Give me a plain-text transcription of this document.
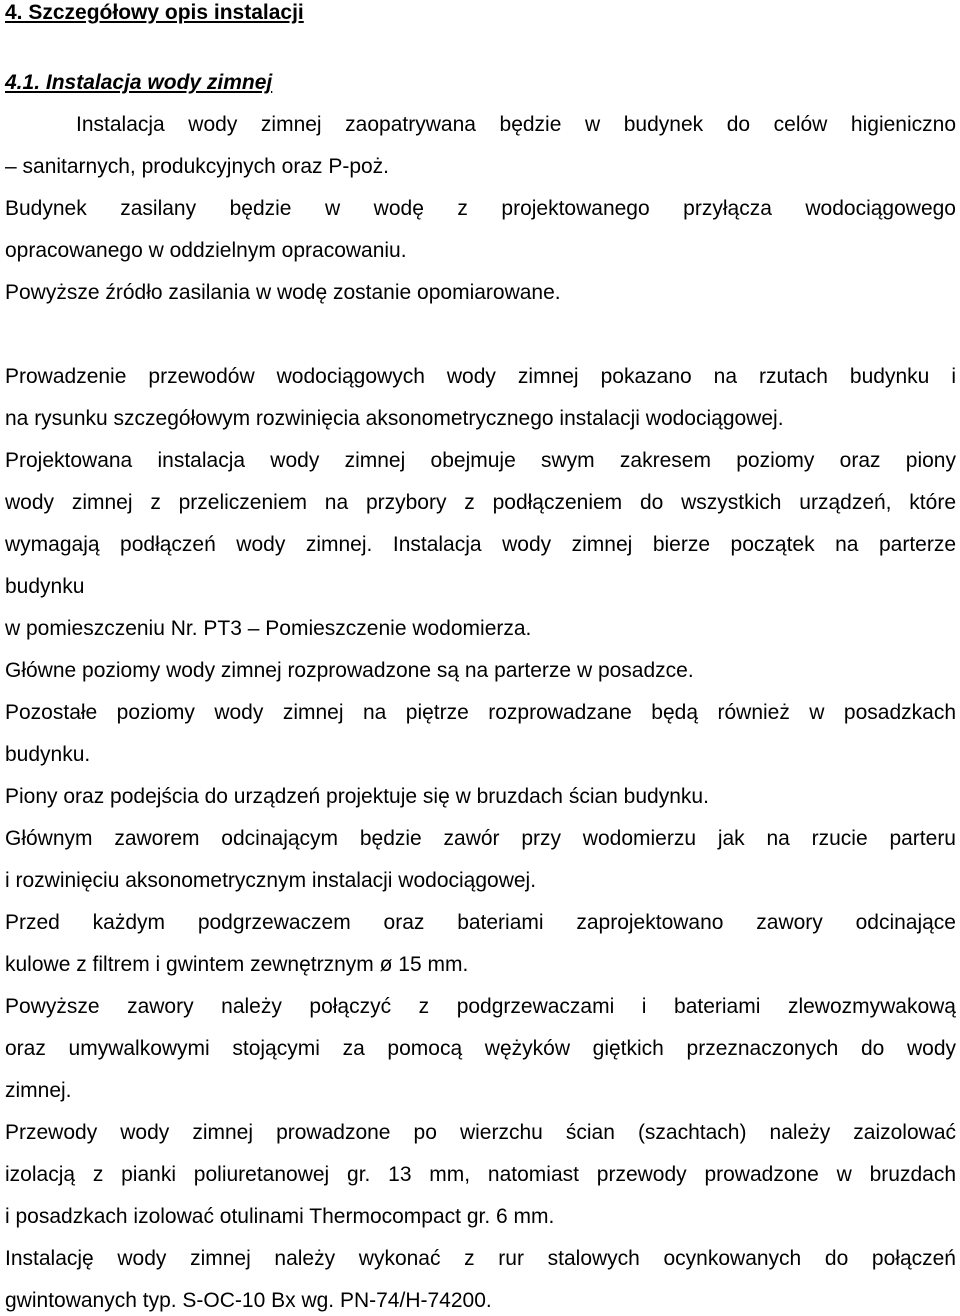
4. Szczegółowy opis instalacji
4.1. Instalacja wody zimnej
Instalacja wody zimnej zaopatrywana będzie w budynek do celów higieniczno
– sanitarnych, produkcyjnych oraz P-poż.
Budynek zasilany będzie w wodę z projektowanego przyłącza wodociągowego
opracowanego w oddzielnym opracowaniu.
Powyższe źródło zasilania w wodę zostanie opomiarowane.
Prowadzenie przewodów wodociągowych wody zimnej pokazano na rzutach budynku i
na rysunku szczegółowym rozwinięcia aksonometrycznego instalacji wodociągowej.
Projektowana instalacja wody zimnej obejmuje swym zakresem poziomy oraz piony
wody zimnej z przeliczeniem na przybory z podłączeniem do wszystkich urządzeń, które
wymagają podłączeń wody zimnej. Instalacja wody zimnej bierze początek na parterze
budynku
w pomieszczeniu Nr. PT3 – Pomieszczenie wodomierza.
Główne poziomy wody zimnej rozprowadzone są na parterze w posadzce.
Pozostałe poziomy wody zimnej na piętrze rozprowadzane będą również w posadzkach
budynku.
Piony oraz podejścia do urządzeń projektuje się w bruzdach ścian budynku.
Głównym zaworem odcinającym będzie zawór przy wodomierzu jak na rzucie parteru
i rozwinięciu aksonometrycznym instalacji wodociągowej.
Przed każdym podgrzewaczem oraz bateriami zaprojektowano zawory odcinające
kulowe z filtrem i gwintem zewnętrznym ø 15 mm.
Powyższe zawory należy połączyć z podgrzewaczami i bateriami zlewozmywakową
oraz umywalkowymi stojącymi za pomocą wężyków giętkich przeznaczonych do wody
zimnej.
Przewody wody zimnej prowadzone po wierzchu ścian (szachtach) należy zaizolować
izolacją z pianki poliuretanowej gr. 13 mm, natomiast przewody prowadzone w bruzdach
i posadzkach izolować otulinami Thermocompact gr. 6 mm.
Instalację wody zimnej należy wykonać z rur stalowych ocynkowanych do połączeń
gwintowanych typ. S-OC-10 Bx wg. PN-74/H-74200.
